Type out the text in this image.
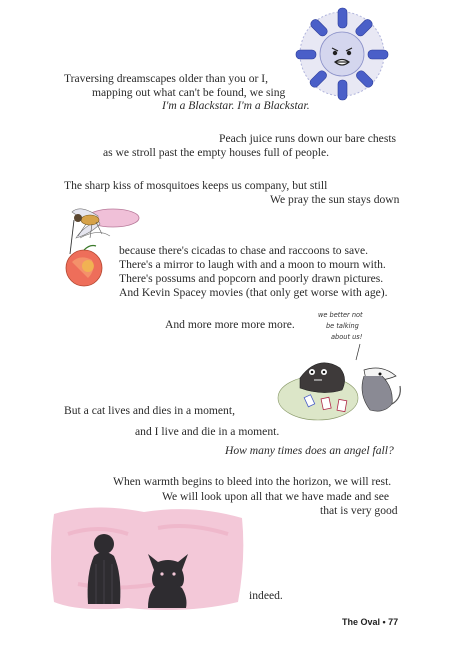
we better not
be talking
about us!
Traversing dreamscapes older than you or I,
mapping out what can't be found, we sing
I'm a Blackstar. I'm a Blackstar.
Peach juice runs down our bare chests
as we stroll past the empty houses full of people.
The sharp kiss of mosquitoes keeps us company, but still
We pray the sun stays down
because there's cicadas to chase and raccoons to save.
There's a mirror to laugh with and a moon to mourn with.
There's possums and popcorn and poorly drawn pictures.
And Kevin Spacey movies (that only get worse with age).
And more more more more.
But a cat lives and dies in a moment,
and I live and die in a moment.
How many times does an angel fall?
When warmth begins to bleed into the horizon, we will rest.
We will look upon all that we have made and see
that is very good
indeed.
The Oval • 77
